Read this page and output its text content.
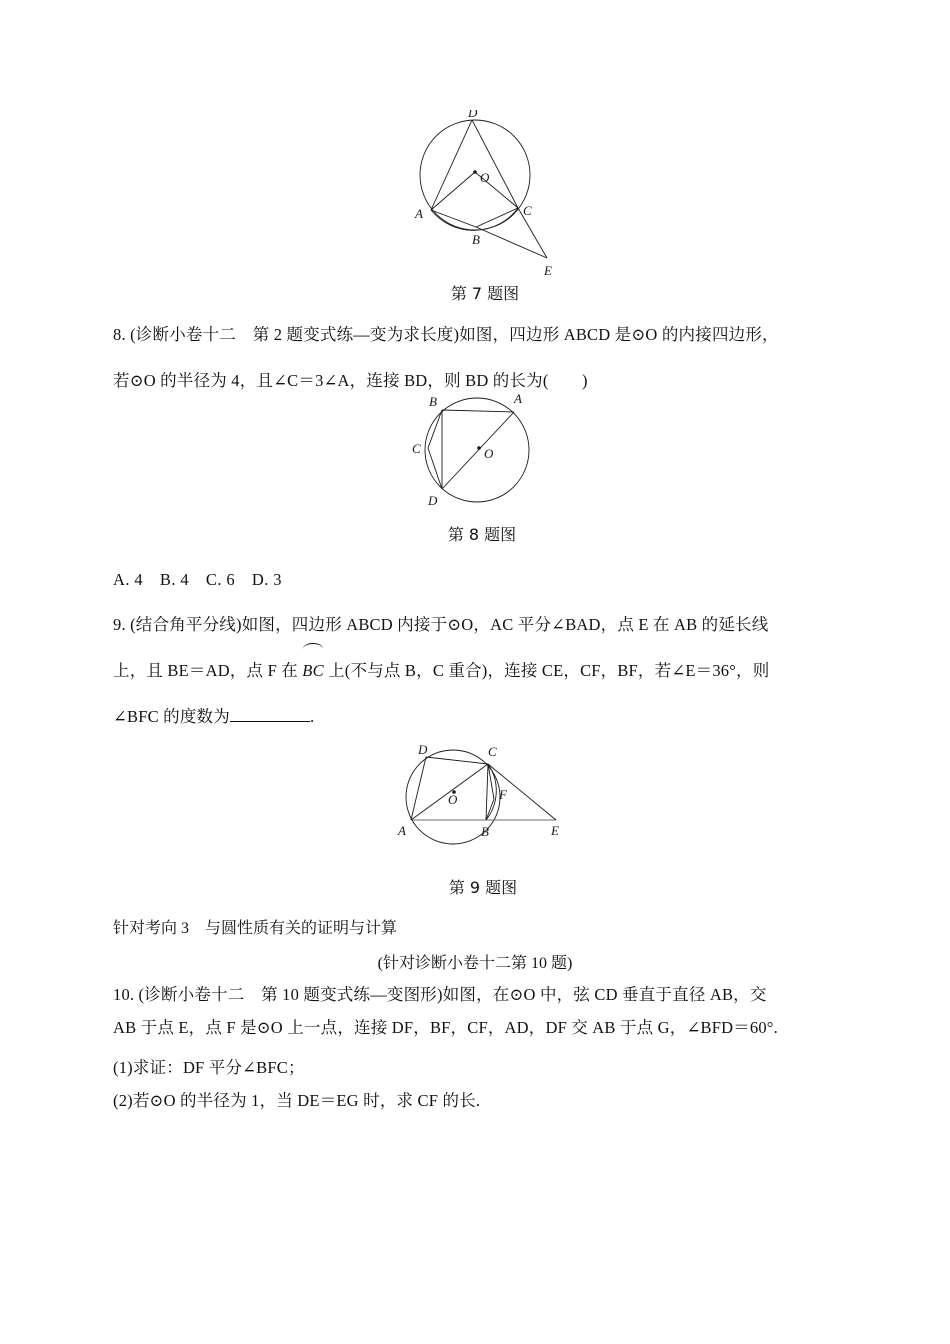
D
O
A
B
C
E
第 7 题图
8. (诊断小卷十二　第 2 题变式练—变为求长度)如图，四边形 ABCD 是⊙O 的内接四边形，
若⊙O 的半径为 4，且∠C＝3∠A，连接 BD，则 BD 的长为(　　)
B	A
C	O
D
第 8 题图
A. 4　B. 4　C. 6　D. 3
9. (结合角平分线)如图，四边形 ABCD 内接于⊙O，AC 平分∠BAD，点 E 在 AB 的延长线
上，且 BE＝AD，点 F 在 BC 上(不与点 B，C 重合)，连接 CE，CF，BF，若∠E＝36°，则
∠BFC 的度数为	.
D	C
O	F
A	B	E
第 9 题图
针对考向 3　与圆性质有关的证明与计算
(针对诊断小卷十二第 10 题)
10. (诊断小卷十二　第 10 题变式练—变图形)如图，在⊙O 中，弦 CD 垂直于直径 AB，交
AB 于点 E，点 F 是⊙O 上一点，连接 DF，BF，CF，AD，DF 交 AB 于点 G，∠BFD＝60°.
(1)求证：DF 平分∠BFC；
(2)若⊙O 的半径为 1，当 DE＝EG 时，求 CF 的长.
